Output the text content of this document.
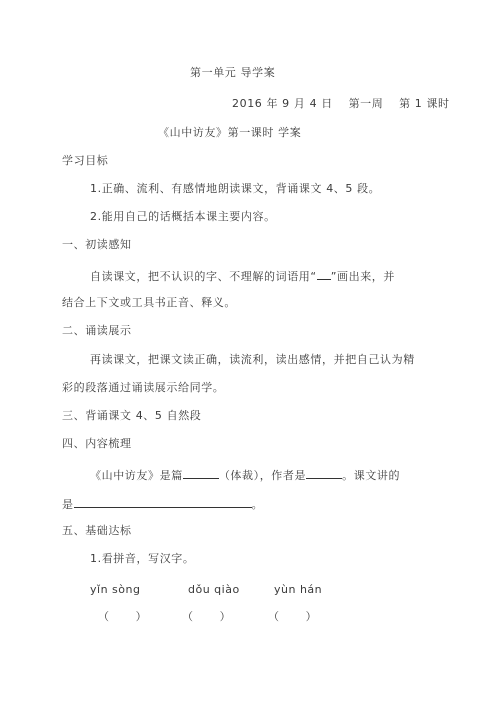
第一单元 导学案
2016 年 9 月 4 日　 第一周　 第 1 课时
《山中访友》第一课时 学案
学习目标
1.正确、流利、有感情地朗读课文，背诵课文 4、5 段。
2.能用自己的话概括本课主要内容。
一、初读感知
自读课文，把不认识的字、不理解的词语用“ ”画出来，并
结合上下文或工具书正音、释义。
二、诵读展示
再读课文，把课文读正确，读流利，读出感情，并把自己认为精
彩的段落通过诵读展示给同学。
三、背诵课文 4、5 自然段
四、内容梳理
《山中访友》是篇	（体裁），作者是	。课文讲的
是	。
五、基础达标
1.看拼音，写汉字。
yǐn sòng	dǒu qiào	yùn hán
（ ）	（ ）	（ ）
